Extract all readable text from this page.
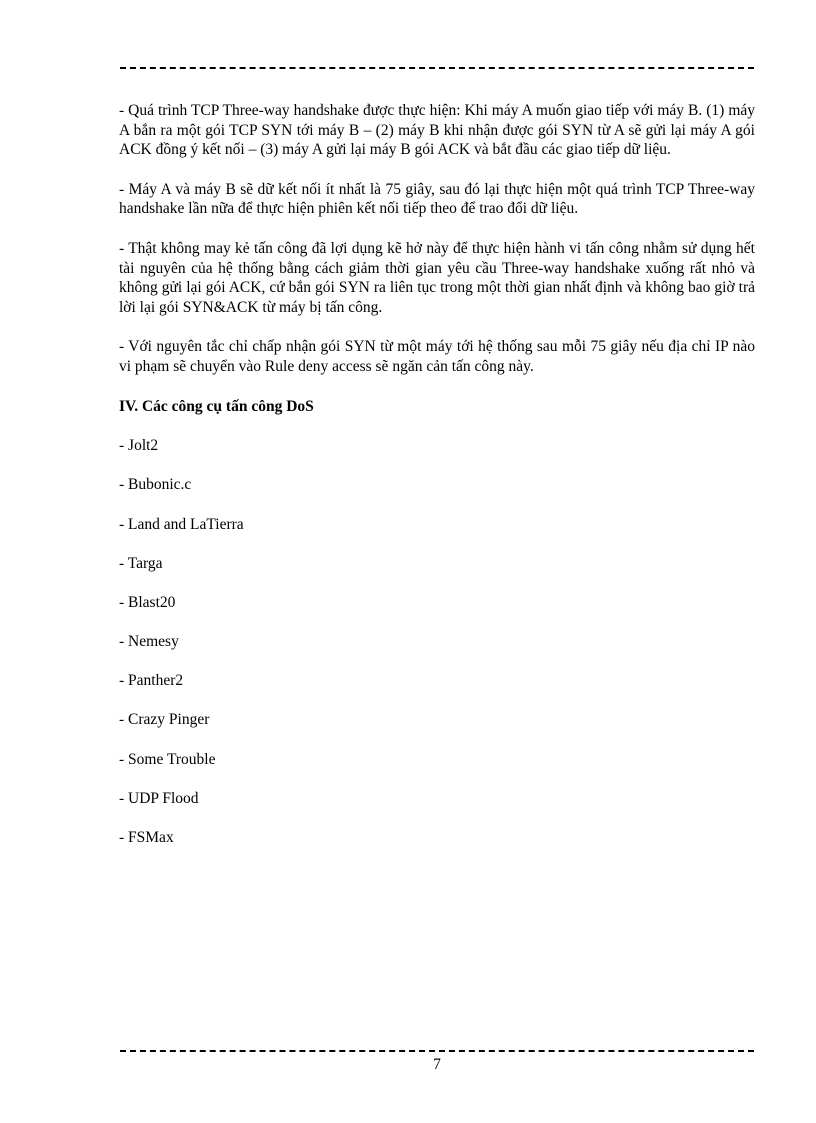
- Quá trình TCP Three-way handshake được thực hiện: Khi máy A muốn giao tiếp với máy B. (1) máy A bắn ra một gói TCP SYN tới máy B – (2) máy B khi nhận được gói SYN từ A sẽ gửi lại máy A gói ACK đồng ý kết nối – (3) máy A gửi lại máy B gói ACK và bắt đầu các giao tiếp dữ liệu.

- Máy A và máy B sẽ dữ kết nối ít nhất là 75 giây, sau đó lại thực hiện một quá trình TCP Three-way handshake lần nữa để thực hiện phiên kết nối tiếp theo để trao đổi dữ liệu.

- Thật không may kẻ tấn công đã lợi dụng kẽ hở này để thực hiện hành vi tấn công nhằm sử dụng hết tài nguyên của hệ thống bằng cách giảm thời gian yêu cầu Three-way handshake xuống rất nhỏ và không gửi lại gói ACK, cứ bắn gói SYN ra liên tục trong một thời gian nhất định và không bao giờ trả lời lại gói SYN&ACK từ máy bị tấn công.

- Với nguyên tắc chỉ chấp nhận gói SYN từ một máy tới hệ thống sau mỗi 75 giây nếu địa chỉ IP nào vi phạm sẽ chuyển vào Rule deny access sẽ ngăn cản tấn công này.

IV. Các công cụ tấn công DoS
- Jolt2
- Bubonic.c
- Land and LaTierra
- Targa
- Blast20
- Nemesy
- Panther2
- Crazy Pinger
- Some Trouble
- UDP Flood
- FSMax
7
